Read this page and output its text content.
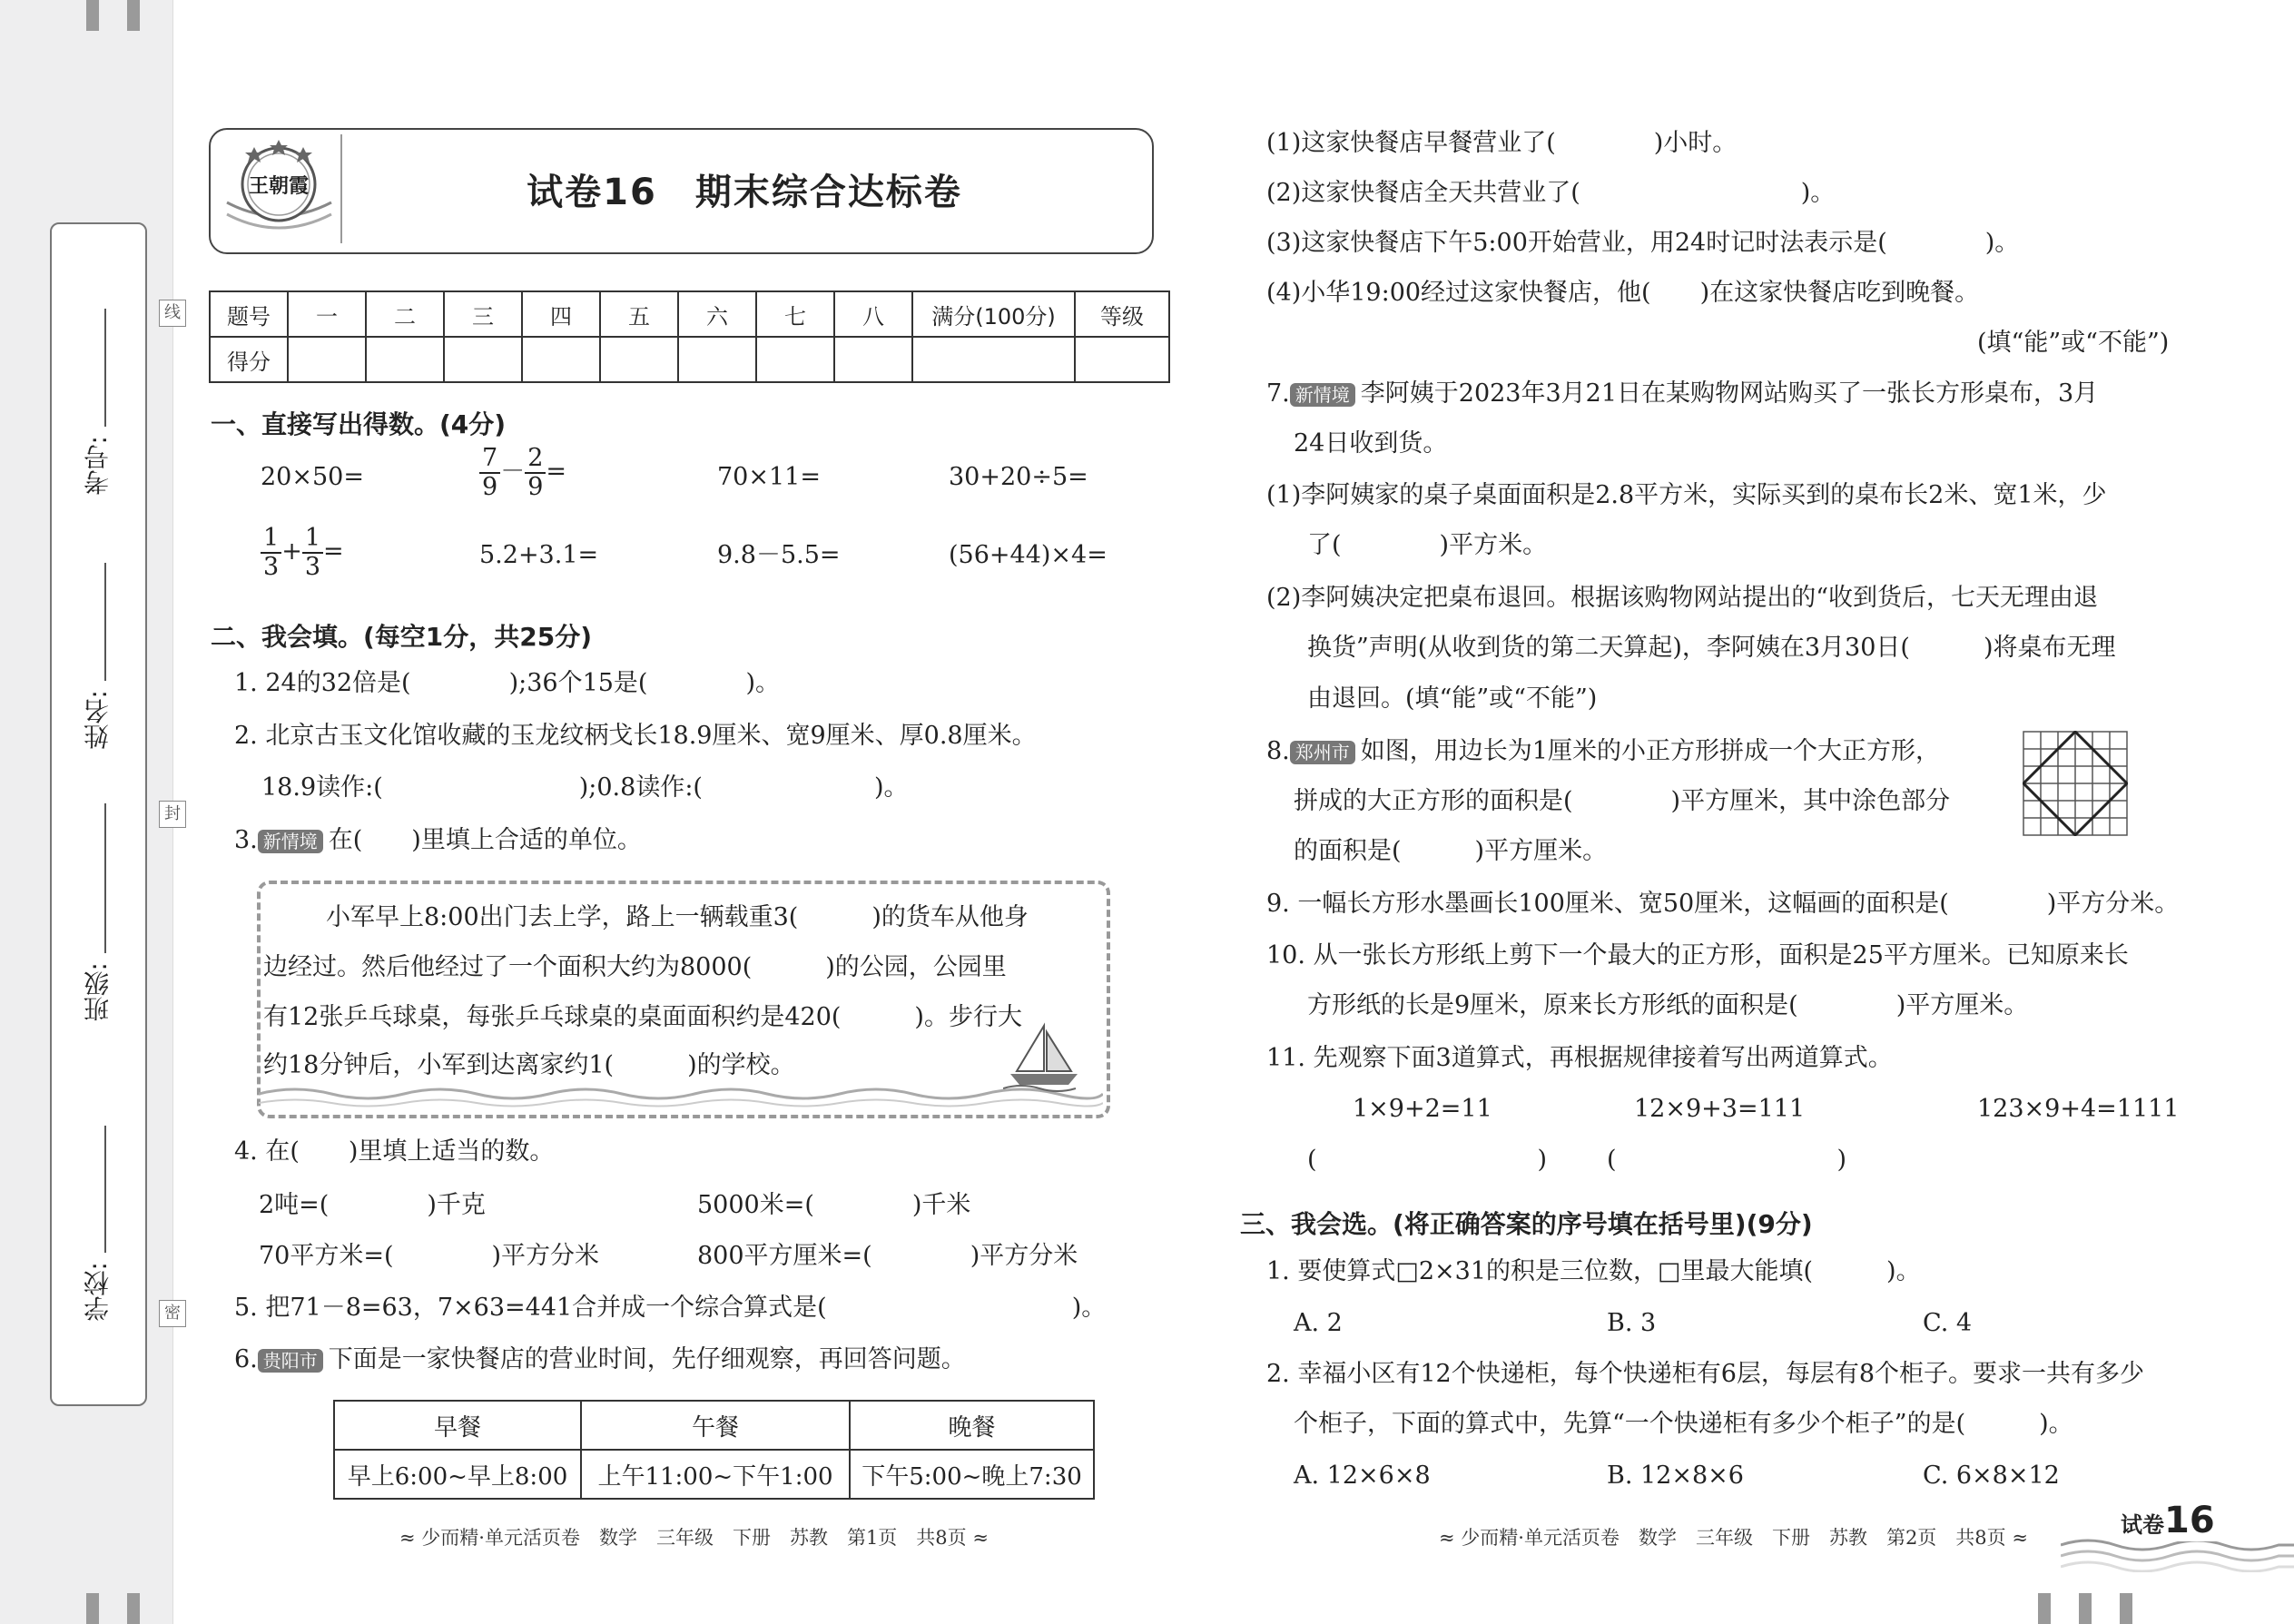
考号:
姓名:
班级:
学校:
线
封
密
王朝霞	试卷16　期末综合达标卷
题号	一	二	三	四	五	六	七	八	满分(100分)	等级
得分										
一、直接写出得数。(4分)
20×50=	$\frac{7}{9} - \frac{2}{9}$ =	70×11=	30+20÷5=
$\frac{1}{3} + \frac{1}{3}$ =	5.2+3.1=	9.8－5.5=	(56+44)×4=
二、我会填。(每空1分，共25分)
1. 24的32倍是(　　　　);36个15是(　　　　)。
2. 北京古玉文化馆收藏的玉龙纹柄戈长18.9厘米、宽9厘米、厚0.8厘米。
18.9读作:(　　　　　　　　);0.8读作:(　　　　　　　)。
3. 新情境 在(　　)里填上合适的单位。
　　小军早上8:00出门去上学，路上一辆载重3(　　　)的货车从他身
边经过。然后他经过了一个面积大约为8000(　　　)的公园，公园里
有12张乒乓球桌，每张乒乓球桌的桌面面积约是420(　　　)。步行大
约18分钟后，小军到达离家约1(　　　)的学校。
4. 在(　　)里填上适当的数。
2吨=(　　　　)千克	5000米=(　　　　)千米
70平方米=(　　　　)平方分米	800平方厘米=(　　　　)平方分米
5. 把71－8=63，7×63=441合并成一个综合算式是(　　　　　　　　　　)。
6. 贵阳市 下面是一家快餐店的营业时间，先仔细观察，再回答问题。
早餐	午餐	晚餐
早上6:00~早上8:00	上午11:00~下午1:00	下午5:00~晚上7:30
≈ 少而精·单元活页卷　数学　三年级　下册　苏教　第1页　共8页 ≈
(1)这家快餐店早餐营业了(　　　　)小时。
(2)这家快餐店全天共营业了(　　　　　　　　　)。
(3)这家快餐店下午5:00开始营业，用24时记时法表示是(　　　　)。
(4)小华19:00经过这家快餐店，他(　　)在这家快餐店吃到晚餐。
(填“能”或“不能”)
7. 新情境 李阿姨于2023年3月21日在某购物网站购买了一张长方形桌布，3月
24日收到货。
(1)李阿姨家的桌子桌面面积是2.8平方米，实际买到的桌布长2米、宽1米，少
了(　　　　)平方米。
(2)李阿姨决定把桌布退回。根据该购物网站提出的“收到货后，七天无理由退
换货”声明(从收到货的第二天算起)，李阿姨在3月30日(　　　)将桌布无理
由退回。(填“能”或“不能”)
8. 郑州市 如图，用边长为1厘米的小正方形拼成一个大正方形，
拼成的大正方形的面积是(　　　　)平方厘米，其中涂色部分
的面积是(　　　)平方厘米。
9. 一幅长方形水墨画长100厘米、宽50厘米，这幅画的面积是(　　　　)平方分米。
10. 从一张长方形纸上剪下一个最大的正方形，面积是25平方厘米。已知原来长
方形纸的长是9厘米，原来长方形纸的面积是(　　　　)平方厘米。
11. 先观察下面3道算式，再根据规律接着写出两道算式。
1×9+2=11	12×9+3=111	123×9+4=1111
(　　　　　　　　　) (　　　　　　　　　)
三、我会选。(将正确答案的序号填在括号里)(9分)
1. 要使算式□2×31的积是三位数，□里最大能填(　　　)。
A. 2	B. 3	C. 4
2. 幸福小区有12个快递柜，每个快递柜有6层，每层有8个柜子。要求一共有多少
个柜子，下面的算式中，先算“一个快递柜有多少个柜子”的是(　　　)。
A. 12×6×8	B. 12×8×6	C. 6×8×12
≈ 少而精·单元活页卷　数学　三年级　下册　苏教　第2页　共8页 ≈	试卷16
